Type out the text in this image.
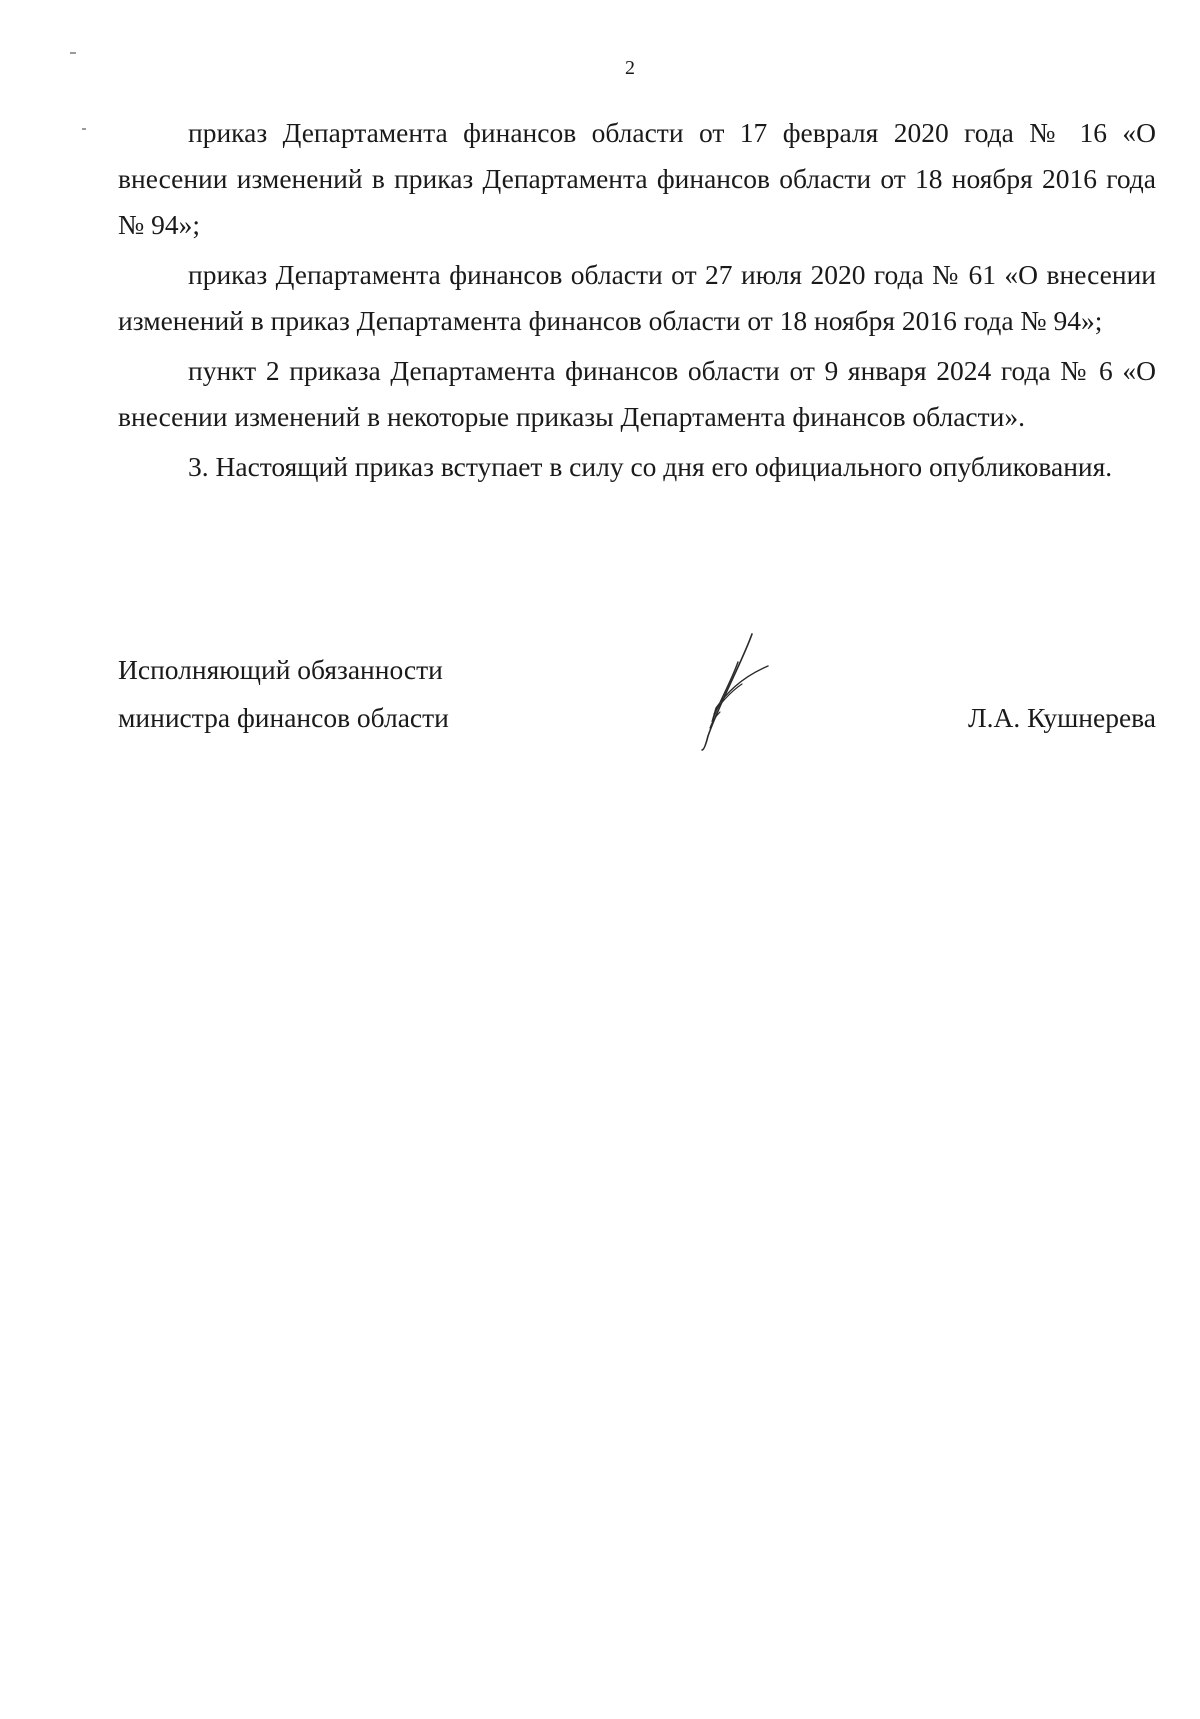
2

приказ Департамента финансов области от 17 февраля 2020 года № 16 «О внесении изменений в приказ Департамента финансов области от 18 ноября 2016 года № 94»;

приказ Департамента финансов области от 27 июля 2020 года № 61 «О внесении изменений в приказ Департамента финансов области от 18 ноября 2016 года № 94»;

пункт 2 приказа Департамента финансов области от 9 января 2024 года № 6 «О внесении изменений в некоторые приказы Департамента финансов области».

3. Настоящий приказ вступает в силу со дня его официального опубликования.

Исполняющий обязанности
министра финансов области	Л.А. Кушнерева
